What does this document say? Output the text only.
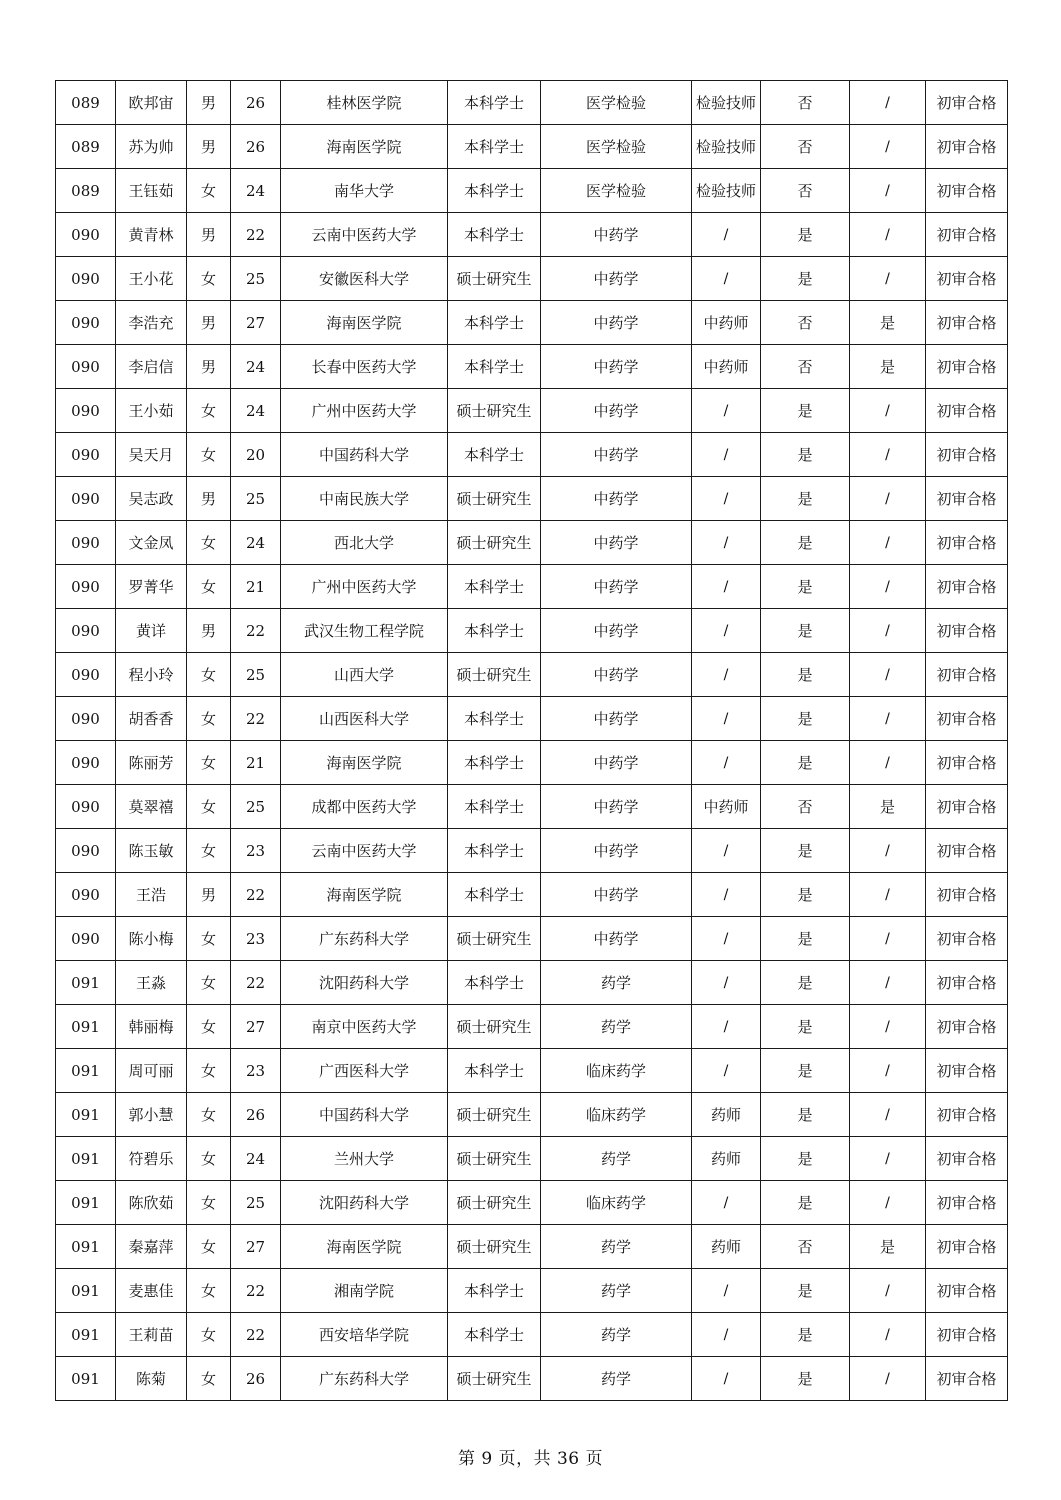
089	欧邦宙	男	26	桂林医学院	本科学士	医学检验	检验技师	否	/	初审合格
089	苏为帅	男	26	海南医学院	本科学士	医学检验	检验技师	否	/	初审合格
089	王钰茹	女	24	南华大学	本科学士	医学检验	检验技师	否	/	初审合格
090	黄青林	男	22	云南中医药大学	本科学士	中药学	/	是	/	初审合格
090	王小花	女	25	安徽医科大学	硕士研究生	中药学	/	是	/	初审合格
090	李浩充	男	27	海南医学院	本科学士	中药学	中药师	否	是	初审合格
090	李启信	男	24	长春中医药大学	本科学士	中药学	中药师	否	是	初审合格
090	王小茹	女	24	广州中医药大学	硕士研究生	中药学	/	是	/	初审合格
090	吴天月	女	20	中国药科大学	本科学士	中药学	/	是	/	初审合格
090	吴志政	男	25	中南民族大学	硕士研究生	中药学	/	是	/	初审合格
090	文金凤	女	24	西北大学	硕士研究生	中药学	/	是	/	初审合格
090	罗菁华	女	21	广州中医药大学	本科学士	中药学	/	是	/	初审合格
090	黄详	男	22	武汉生物工程学院	本科学士	中药学	/	是	/	初审合格
090	程小玲	女	25	山西大学	硕士研究生	中药学	/	是	/	初审合格
090	胡香香	女	22	山西医科大学	本科学士	中药学	/	是	/	初审合格
090	陈丽芳	女	21	海南医学院	本科学士	中药学	/	是	/	初审合格
090	莫翠禧	女	25	成都中医药大学	本科学士	中药学	中药师	否	是	初审合格
090	陈玉敏	女	23	云南中医药大学	本科学士	中药学	/	是	/	初审合格
090	王浩	男	22	海南医学院	本科学士	中药学	/	是	/	初审合格
090	陈小梅	女	23	广东药科大学	硕士研究生	中药学	/	是	/	初审合格
091	王淼	女	22	沈阳药科大学	本科学士	药学	/	是	/	初审合格
091	韩丽梅	女	27	南京中医药大学	硕士研究生	药学	/	是	/	初审合格
091	周可丽	女	23	广西医科大学	本科学士	临床药学	/	是	/	初审合格
091	郭小慧	女	26	中国药科大学	硕士研究生	临床药学	药师	是	/	初审合格
091	符碧乐	女	24	兰州大学	硕士研究生	药学	药师	是	/	初审合格
091	陈欣茹	女	25	沈阳药科大学	硕士研究生	临床药学	/	是	/	初审合格
091	秦嘉萍	女	27	海南医学院	硕士研究生	药学	药师	否	是	初审合格
091	麦惠佳	女	22	湘南学院	本科学士	药学	/	是	/	初审合格
091	王莉苗	女	22	西安培华学院	本科学士	药学	/	是	/	初审合格
091	陈菊	女	26	广东药科大学	硕士研究生	药学	/	是	/	初审合格
第 9 页，共 36 页
